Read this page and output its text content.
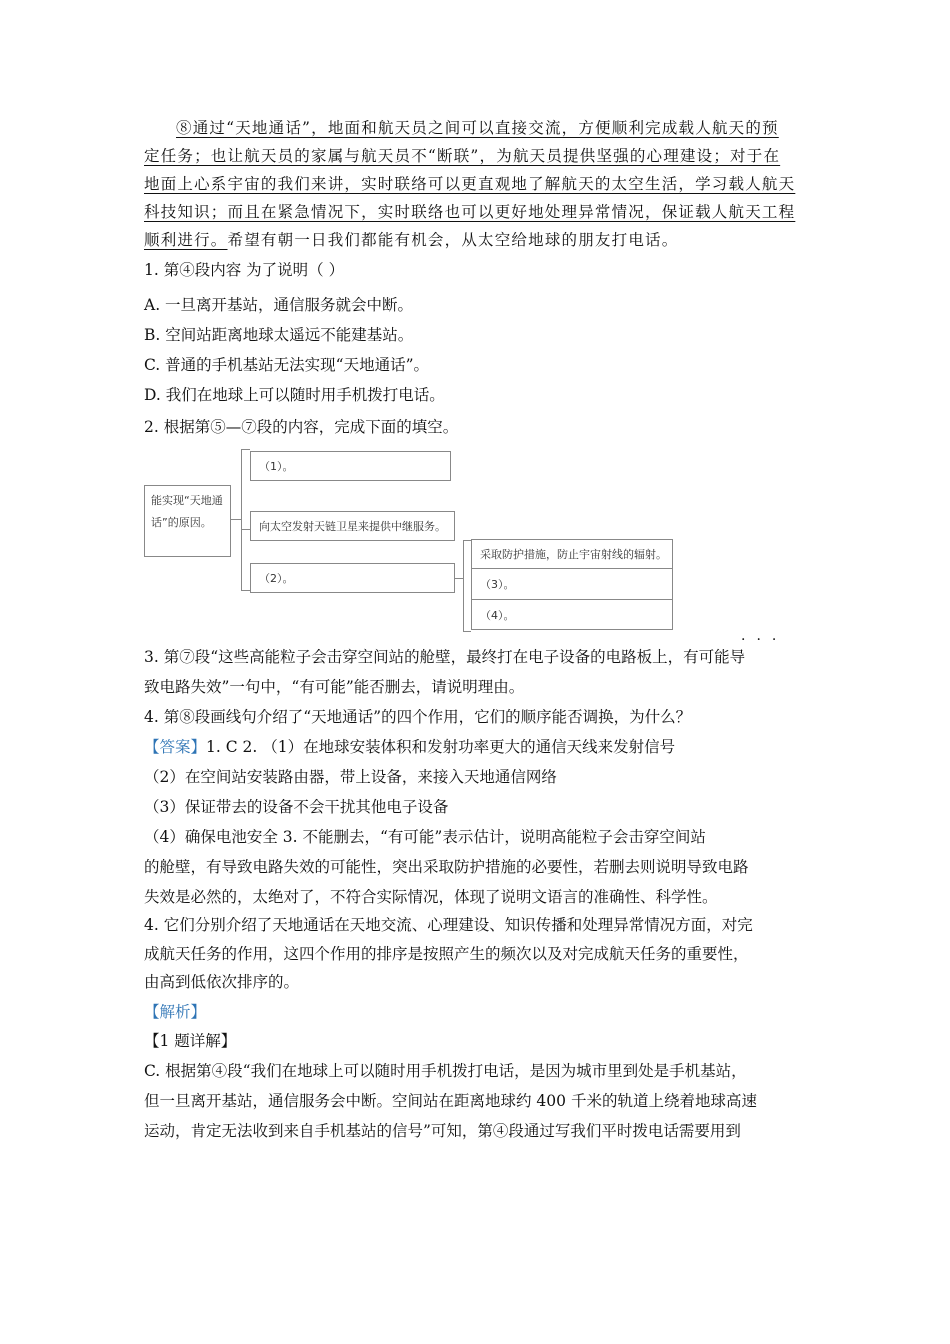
⑧通过“天地通话”，地面和航天员之间可以直接交流，方便顺利完成载人航天的预
定任务；也让航天员的家属与航天员不“断联”，为航天员提供坚强的心理建设；对于在
地面上心系宇宙的我们来讲，实时联络可以更直观地了解航天的太空生活，学习载人航天
科技知识；而且在紧急情况下，实时联络也可以更好地处理异常情况，保证载人航天工程
顺利进行。希望有朝一日我们都能有机会，从太空给地球的朋友打电话。
1. 第④段内容 为了说明（ ）
A. 一旦离开基站，通信服务就会中断。
B. 空间站距离地球太遥远不能建基站。
C. 普通的手机基站无法实现“天地通话”。
D. 我们在地球上可以随时用手机拨打电话。
2. 根据第⑤—⑦段的内容，完成下面的填空。
能实现“天地通话”的原因。
（1）。
向太空发射天链卫星来提供中继服务。
（2）。
采取防护措施，防止宇宙射线的辐射。
（3）。
（4）。
···
3. 第⑦段“这些高能粒子会击穿空间站的舱壁，最终打在电子设备的电路板上，有可能导
致电路失效”一句中，“有可能”能否删去，请说明理由。
4. 第⑧段画线句介绍了“天地通话”的四个作用，它们的顺序能否调换，为什么？
【答案】1. C 2. （1）在地球安装体积和发射功率更大的通信天线来发射信号
（2）在空间站安装路由器，带上设备，来接入天地通信网络
（3）保证带去的设备不会干扰其他电子设备
（4）确保电池安全 3. 不能删去，“有可能”表示估计，说明高能粒子会击穿空间站
的舱壁，有导致电路失效的可能性，突出采取防护措施的必要性，若删去则说明导致电路
失效是必然的，太绝对了，不符合实际情况，体现了说明文语言的准确性、科学性。
4. 它们分别介绍了天地通话在天地交流、心理建设、知识传播和处理异常情况方面，对完
成航天任务的作用，这四个作用的排序是按照产生的频次以及对完成航天任务的重要性，
由高到低依次排序的。
【解析】
【1 题详解】
C. 根据第④段“我们在地球上可以随时用手机拨打电话，是因为城市里到处是手机基站，
但一旦离开基站，通信服务会中断。空间站在距离地球约 400 千米的轨道上绕着地球高速
运动，肯定无法收到来自手机基站的信号”可知，第④段通过写我们平时拨电话需要用到
